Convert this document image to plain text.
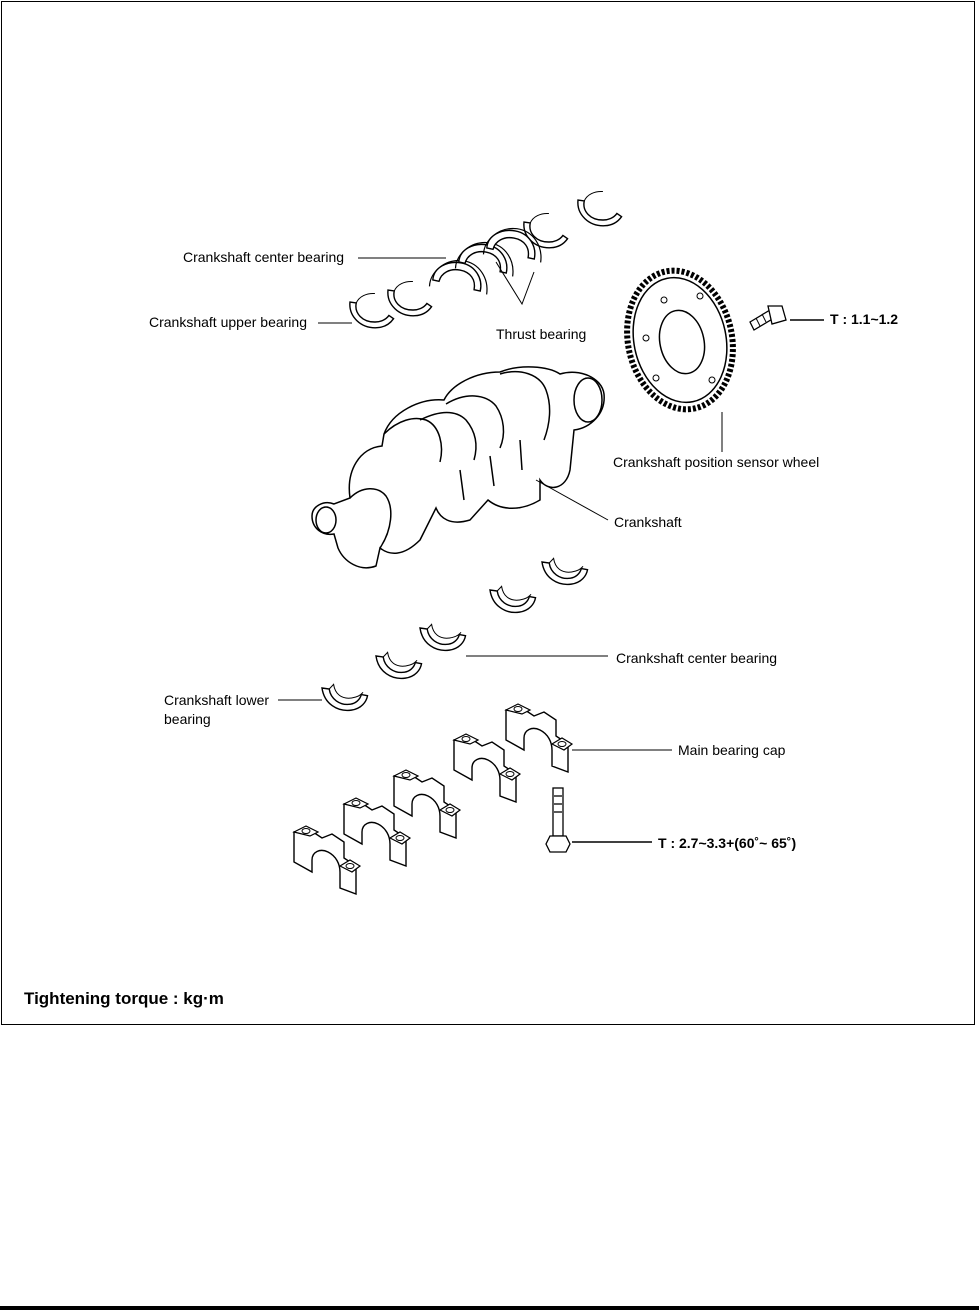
Crankshaft center bearing
Crankshaft upper bearing
Thrust bearing
T : 1.1~1.2
Crankshaft position sensor wheel
Crankshaft
Crankshaft center bearing
Crankshaft lower
bearing
Main bearing cap
T : 2.7~3.3+(60˚~ 65˚)
Tightening torque : kg·m
